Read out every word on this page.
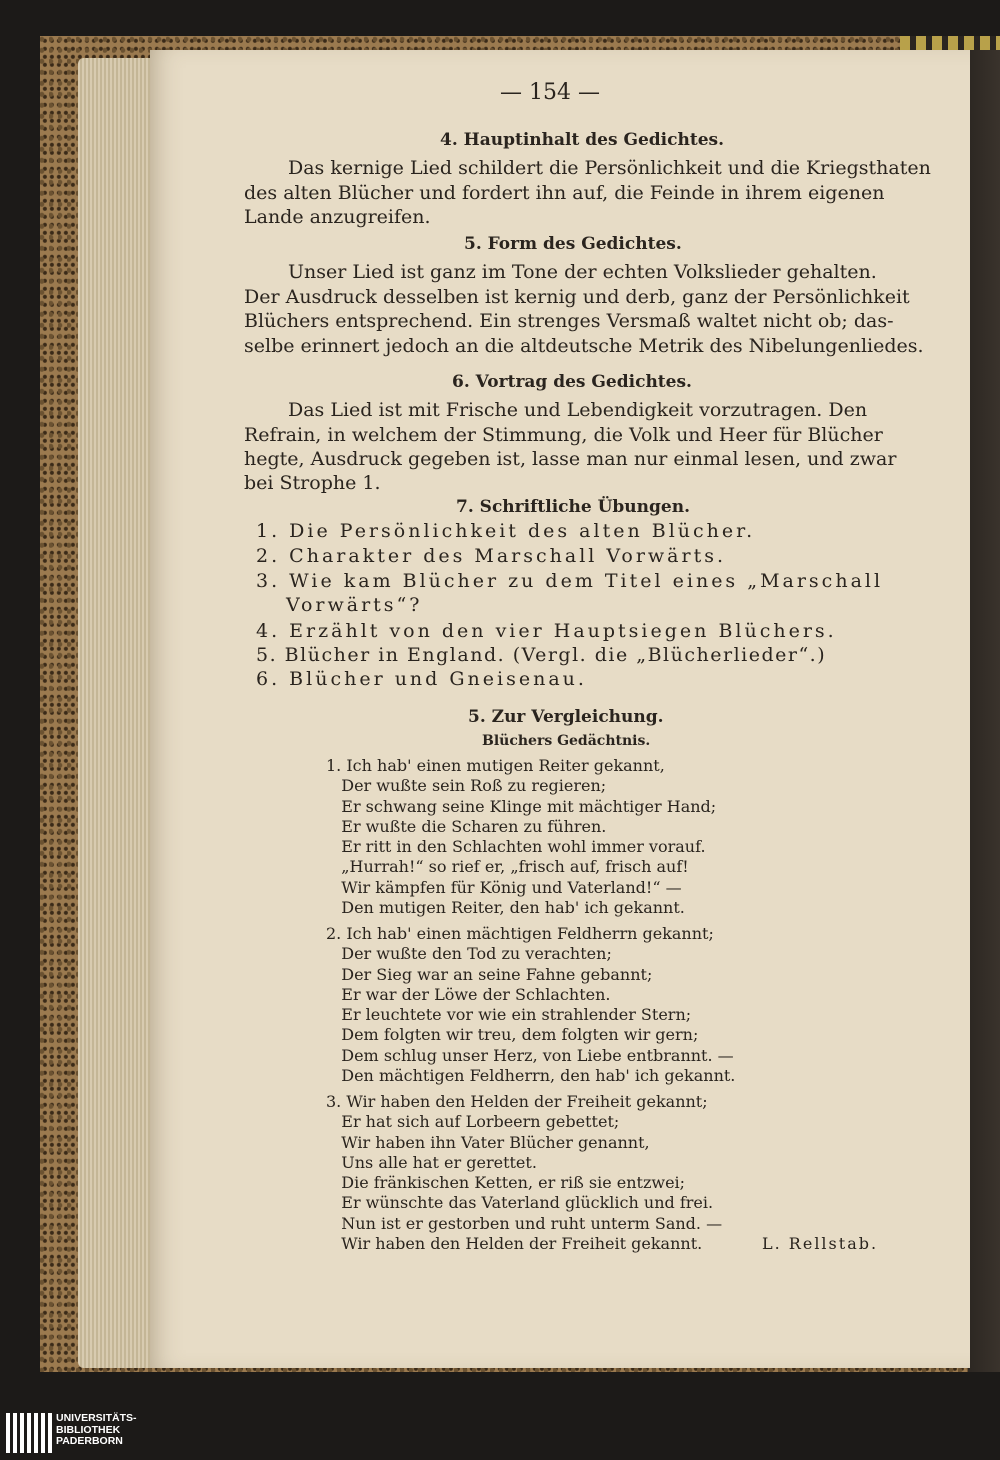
— 154 —
4. Hauptinhalt des Gedichtes.
Das kernige Lied schildert die Persönlichkeit und die Kriegsthaten
des alten Blücher und fordert ihn auf, die Feinde in ihrem eigenen
Lande anzugreifen.
5. Form des Gedichtes.
Unser Lied ist ganz im Tone der echten Volkslieder gehalten.
Der Ausdruck desselben ist kernig und derb, ganz der Persönlichkeit
Blüchers entsprechend. Ein strenges Versmaß waltet nicht ob; das-
selbe erinnert jedoch an die altdeutsche Metrik des Nibelungenliedes.
6. Vortrag des Gedichtes.
Das Lied ist mit Frische und Lebendigkeit vorzutragen. Den
Refrain, in welchem der Stimmung, die Volk und Heer für Blücher
hegte, Ausdruck gegeben ist, lasse man nur einmal lesen, und zwar
bei Strophe 1.
7. Schriftliche Übungen.
1. Die Persönlichkeit des alten Blücher.
2. Charakter des Marschall Vorwärts.
3. Wie kam Blücher zu dem Titel eines „Marschall
Vorwärts“?
4. Erzählt von den vier Hauptsiegen Blüchers.
5. Blücher in England. (Vergl. die „Blücherlieder“.)
6. Blücher und Gneisenau.
5. Zur Vergleichung.
Blüchers Gedächtnis.
1. Ich hab' einen mutigen Reiter gekannt,
Der wußte sein Roß zu regieren;
Er schwang seine Klinge mit mächtiger Hand;
Er wußte die Scharen zu führen.
Er ritt in den Schlachten wohl immer vorauf.
„Hurrah!“ so rief er, „frisch auf, frisch auf!
Wir kämpfen für König und Vaterland!“ —
Den mutigen Reiter, den hab' ich gekannt.
2. Ich hab' einen mächtigen Feldherrn gekannt;
Der wußte den Tod zu verachten;
Der Sieg war an seine Fahne gebannt;
Er war der Löwe der Schlachten.
Er leuchtete vor wie ein strahlender Stern;
Dem folgten wir treu, dem folgten wir gern;
Dem schlug unser Herz, von Liebe entbrannt. —
Den mächtigen Feldherrn, den hab' ich gekannt.
3. Wir haben den Helden der Freiheit gekannt;
Er hat sich auf Lorbeern gebettet;
Wir haben ihn Vater Blücher genannt,
Uns alle hat er gerettet.
Die fränkischen Ketten, er riß sie entzwei;
Er wünschte das Vaterland glücklich und frei.
Nun ist er gestorben und ruht unterm Sand. —
Wir haben den Helden der Freiheit gekannt.	L. Rellstab.
UNIVERSITÄTS-
BIBLIOTHEK
PADERBORN
